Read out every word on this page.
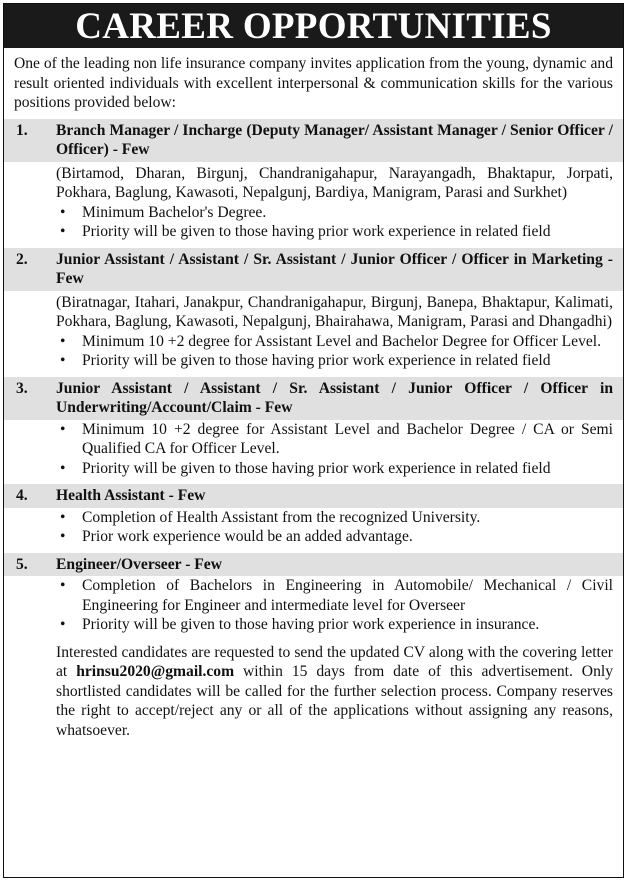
CAREER OPPORTUNITIES
One of the leading non life insurance company invites application from the young, dynamic and result oriented individuals with excellent interpersonal & communication skills for the various positions provided below:
1.	Branch Manager / Incharge (Deputy Manager/ Assistant Manager / Senior Officer / Officer) - Few
(Birtamod, Dharan, Birgunj, Chandranigahapur, Narayangadh, Bhaktapur, Jorpati, Pokhara, Baglung, Kawasoti, Nepalgunj, Bardiya, Manigram, Parasi and Surkhet)
• Minimum Bachelor's Degree.
• Priority will be given to those having prior work experience in related field
2.	Junior Assistant / Assistant / Sr. Assistant / Junior Officer / Officer in Marketing - Few
(Biratnagar, Itahari, Janakpur, Chandranigahapur, Birgunj, Banepa, Bhaktapur, Kalimati, Pokhara, Baglung, Kawasoti, Nepalgunj, Bhairahawa, Manigram, Parasi and Dhangadhi)
• Minimum 10 +2 degree for Assistant Level and Bachelor Degree for Officer Level.
• Priority will be given to those having prior work experience in related field
3.	Junior Assistant / Assistant / Sr. Assistant / Junior Officer / Officer in Underwriting/Account/Claim - Few
• Minimum 10 +2 degree for Assistant Level and Bachelor Degree / CA or Semi Qualified CA for Officer Level.
• Priority will be given to those having prior work experience in related field
4.	Health Assistant - Few
• Completion of Health Assistant from the recognized University.
• Prior work experience would be an added advantage.
5.	Engineer/Overseer - Few
• Completion of Bachelors in Engineering in Automobile/ Mechanical / Civil Engineering for Engineer and intermediate level for Overseer
• Priority will be given to those having prior work experience in insurance.
Interested candidates are requested to send the updated CV along with the covering letter at hrinsu2020@gmail.com within 15 days from date of this advertisement. Only shortlisted candidates will be called for the further selection process. Company reserves the right to accept/reject any or all of the applications without assigning any reasons, whatsoever.
